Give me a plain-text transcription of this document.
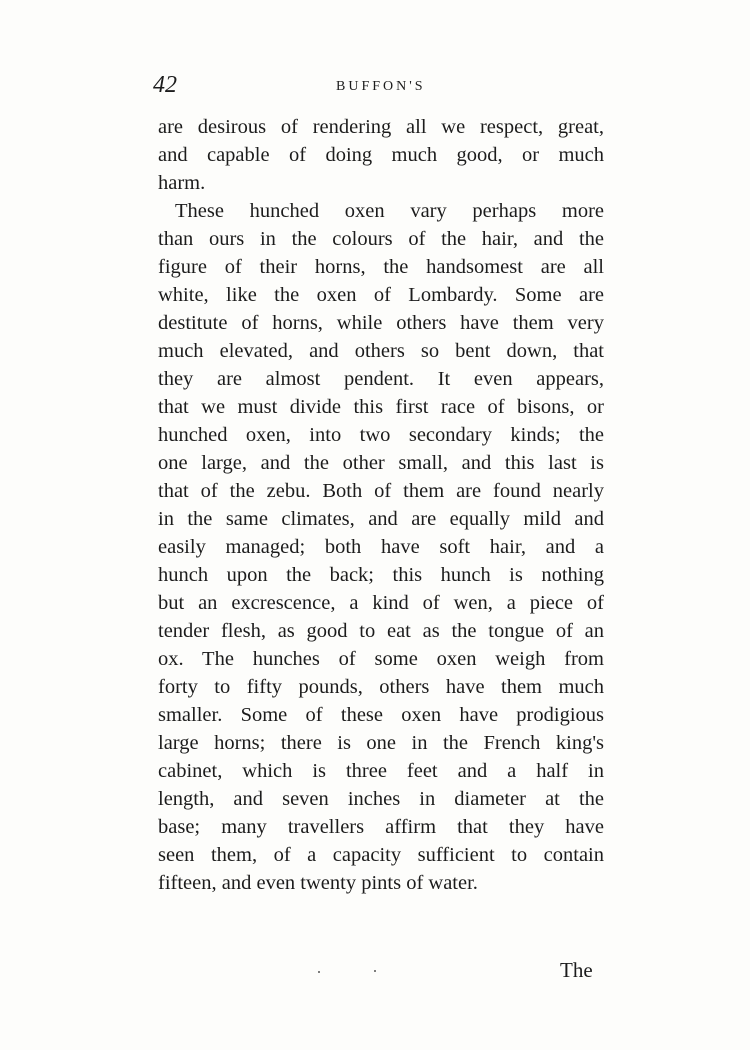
42	BUFFON'S
are desirous of rendering all we respect, great,
and capable of doing much good, or much
harm.
These hunched oxen vary perhaps more
than ours in the colours of the hair, and the
figure of their horns, the handsomest are all
white, like the oxen of Lombardy. Some are
destitute of horns, while others have them very
much elevated, and others so bent down, that
they are almost pendent. It even appears,
that we must divide this first race of bisons, or
hunched oxen, into two secondary kinds; the
one large, and the other small, and this last is
that of the zebu. Both of them are found nearly
in the same climates, and are equally mild and
easily managed; both have soft hair, and a
hunch upon the back; this hunch is nothing
but an excrescence, a kind of wen, a piece of
tender flesh, as good to eat as the tongue of an
ox. The hunches of some oxen weigh from
forty to fifty pounds, others have them much
smaller. Some of these oxen have prodigious
large horns; there is one in the French king's
cabinet, which is three feet and a half in
length, and seven inches in diameter at the
base; many travellers affirm that they have
seen them, of a capacity sufficient to contain
fifteen, and even twenty pints of water.
The
